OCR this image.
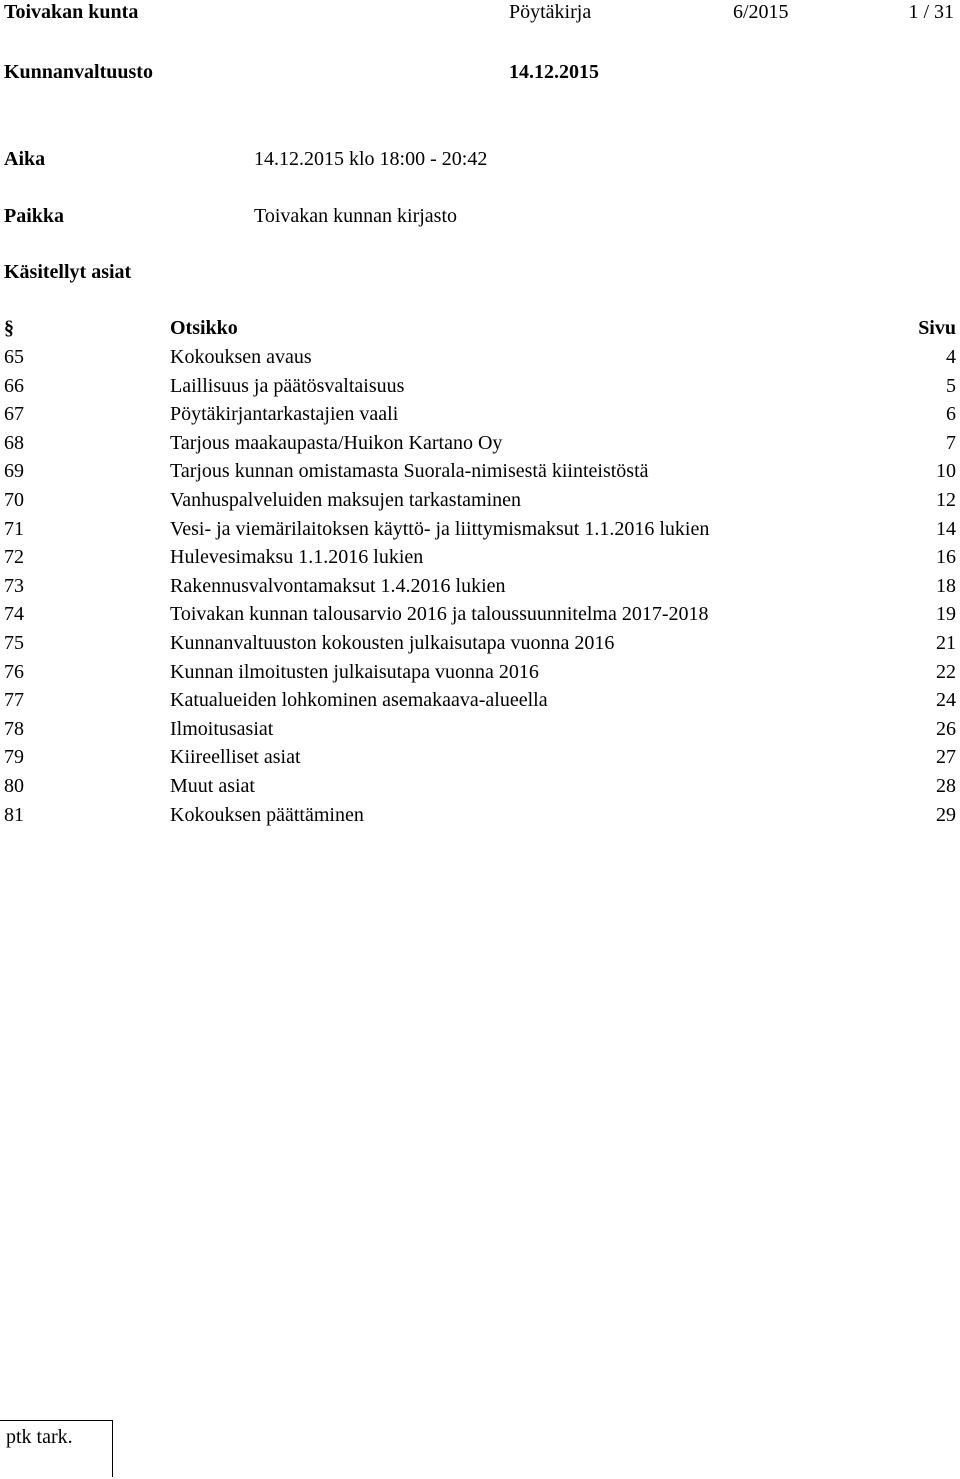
Toivakan kunta	Pöytäkirja	6/2015	1 / 31
Kunnanvaltuusto	14.12.2015
Aika	14.12.2015 klo 18:00 - 20:42
Paikka	Toivakan kunnan kirjasto
Käsitellyt asiat
§	Otsikko	Sivu
65	Kokouksen avaus	4
66	Laillisuus ja päätösvaltaisuus	5
67	Pöytäkirjantarkastajien vaali	6
68	Tarjous maakaupasta/Huikon Kartano Oy	7
69	Tarjous kunnan omistamasta Suorala-nimisestä kiinteistöstä	10
70	Vanhuspalveluiden maksujen tarkastaminen	12
71	Vesi- ja viemärilaitoksen käyttö- ja liittymismaksut 1.1.2016 lukien	14
72	Hulevesimaksu 1.1.2016 lukien	16
73	Rakennusvalvontamaksut 1.4.2016 lukien	18
74	Toivakan kunnan talousarvio 2016 ja taloussuunnitelma 2017-2018	19
75	Kunnanvaltuuston kokousten julkaisutapa vuonna 2016	21
76	Kunnan ilmoitusten julkaisutapa vuonna 2016	22
77	Katualueiden lohkominen asemakaava-alueella	24
78	Ilmoitusasiat	26
79	Kiireelliset asiat	27
80	Muut asiat	28
81	Kokouksen päättäminen	29
ptk tark.
